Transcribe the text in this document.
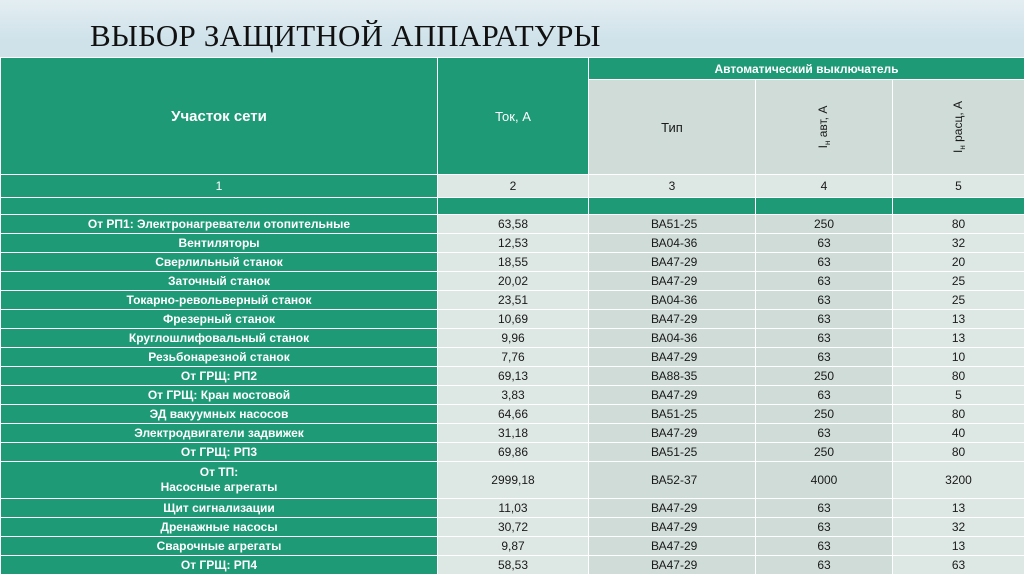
ВЫБОР ЗАЩИТНОЙ АППАРАТУРЫ
Участок сети	Ток, А	Автоматический выключатель		
		Тип	$I_н$ авт, А	$I_н$ расц, А

1	2	3	4	5

От РП1: Электронагреватели отопительные	63,58	ВА51-25	250	80
Вентиляторы	12,53	ВА04-36	63	32
Сверлильный станок	18,55	ВА47-29	63	20
Заточный станок	20,02	ВА47-29	63	25
Токарно-револьверный станок	23,51	ВА04-36	63	25
Фрезерный станок	10,69	ВА47-29	63	13
Круглошлифовальный станок	9,96	ВА04-36	63	13
Резьбонарезной станок	7,76	ВА47-29	63	10
От ГРЩ: РП2	69,13	ВА88-35	250	80
От ГРЩ: Кран мостовой	3,83	ВА47-29	63	5
ЭД вакуумных насосов	64,66	ВА51-25	250	80
Электродвигатели задвижек	31,18	ВА47-29	63	40
От ГРЩ: РП3	69,86	ВА51-25	250	80

От ТП:
Насосные агрегаты	2999,18	ВА52-37	4000	3200
Щит сигнализации	11,03	ВА47-29	63	13
Дренажные насосы	30,72	ВА47-29	63	32
Сварочные агрегаты	9,87	ВА47-29	63	13
От ГРЩ: РП4	58,53	ВА47-29	63	63
